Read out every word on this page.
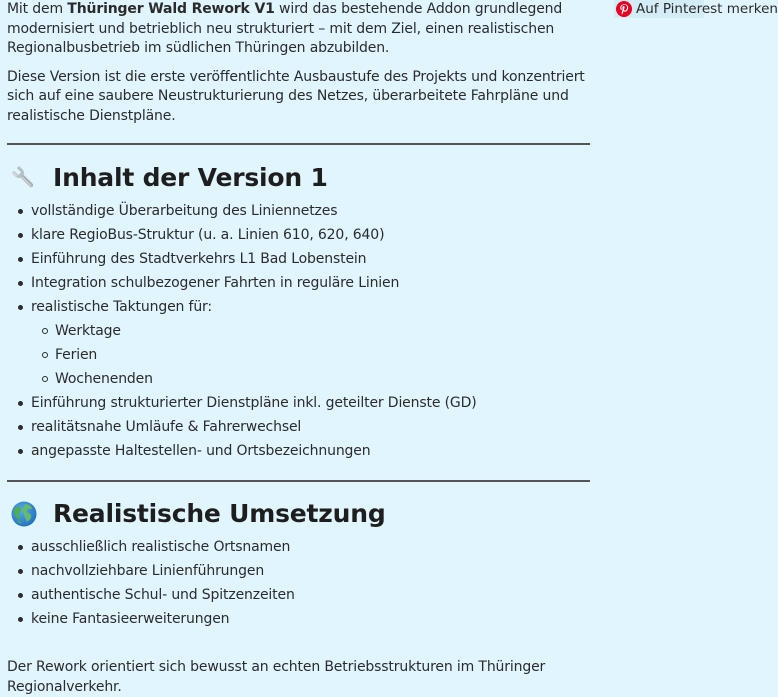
Mit dem Thüringer Wald Rework V1 wird das bestehende Addon grundlegend modernisiert und betrieblich neu strukturiert – mit dem Ziel, einen realistischen Regionalbusbetrieb im südlichen Thüringen abzubilden.

Diese Version ist die erste veröffentlichte Ausbaustufe des Projekts und konzentriert sich auf eine saubere Neustrukturierung des Netzes, überarbeitete Fahrpläne und realistische Dienstpläne.

Inhalt der Version 1
vollständige Überarbeitung des Liniennetzes
klare RegioBus-Struktur (u. a. Linien 610, 620, 640)
Einführung des Stadtverkehrs L1 Bad Lobenstein
Integration schulbezogener Fahrten in reguläre Linien
realistische Taktungen für:
Werktage
Ferien
Wochenenden
Einführung strukturierter Dienstpläne inkl. geteilter Dienste (GD)
realitätsnahe Umläufe & Fahrerwechsel
angepasste Haltestellen- und Ortsbezeichnungen
Realistische Umsetzung
ausschließlich realistische Ortsnamen
nachvollziehbare Linienführungen
authentische Schul- und Spitzenzeiten
keine Fantasieerweiterungen

Der Rework orientiert sich bewusst an echten Betriebsstrukturen im Thüringer Regionalverkehr.

Auf Pinterest merken
